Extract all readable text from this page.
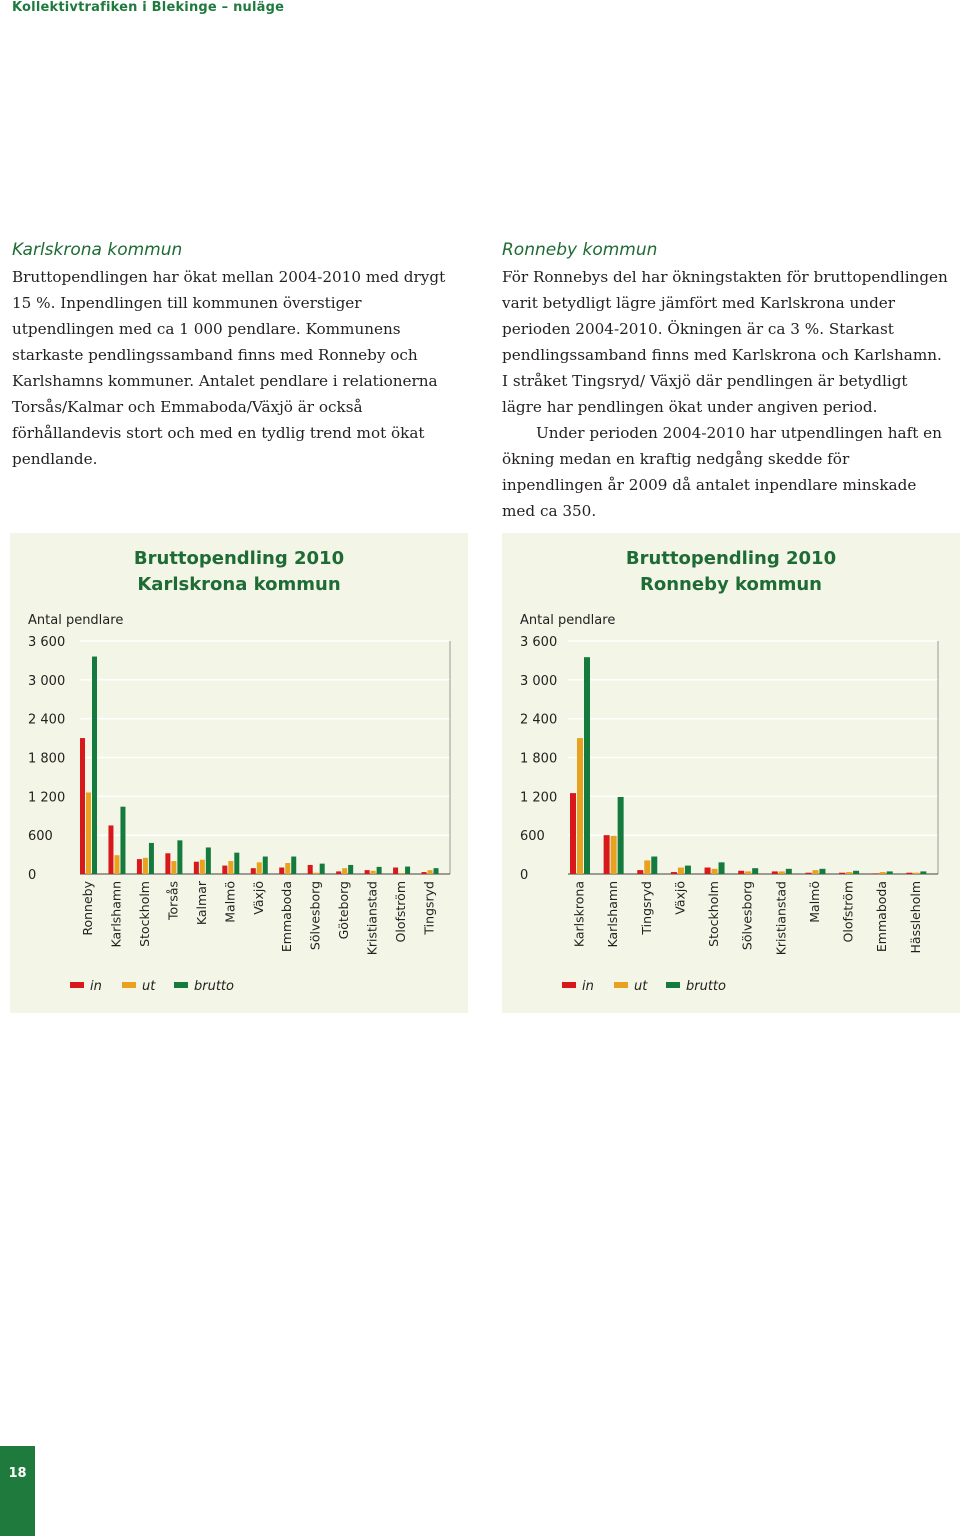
Kollektivtrafiken i Blekinge – nuläge
Karlskrona kommun

Bruttopendlingen har ökat mellan 2004-2010 med drygt 15 %. Inpendlingen till kommunen överstiger utpendlingen med ca 1 000 pendlare. Kommunens starkaste pendlingssamband finns med Ronneby och Karlshamns kommuner. Antalet pendlare i relationerna Torsås/Kalmar och Emmaboda/Växjö är också förhållandevis stort och med en tydlig trend mot ökat pendlande.

Ronneby kommun

För Ronnebys del har ökningstakten för bruttopendlingen varit betydligt lägre jämfört med Karlskrona under perioden 2004-2010. Ökningen är ca 3 %. Starkast pendlingssamband finns med Karlskrona och Karlshamn. I stråket Tingsryd/ Växjö där pendlingen är betydligt lägre har pendlingen ökat under angiven period.

Under perioden 2004-2010 har utpendlingen haft en ökning medan en kraftig nedgång skedde för inpendlingen år 2009 då antalet inpendlare minskade med ca 350.

Antal pendlare
0
600
1 200
1 800
2 400
3 000
3 600
Ronneby Karlshamn Stockholm Torsås Kalmar Malmö Växjö Emmaboda Sölvesborg Göteborg Kristianstad Olofström Tingsryd
in	ut	brutto
Bruttopendling 2010
Karlskrona kommun
Antal pendlare
0
600
1 200
1 800
2 400
3 000
3 600
Karlskrona Karlshamn Tingsryd Växjö Stockholm Sölvesborg Kristianstad Malmö Olofström Emmaboda Hässleholm
in	ut	brutto
Bruttopendling 2010
Ronneby kommun
18
